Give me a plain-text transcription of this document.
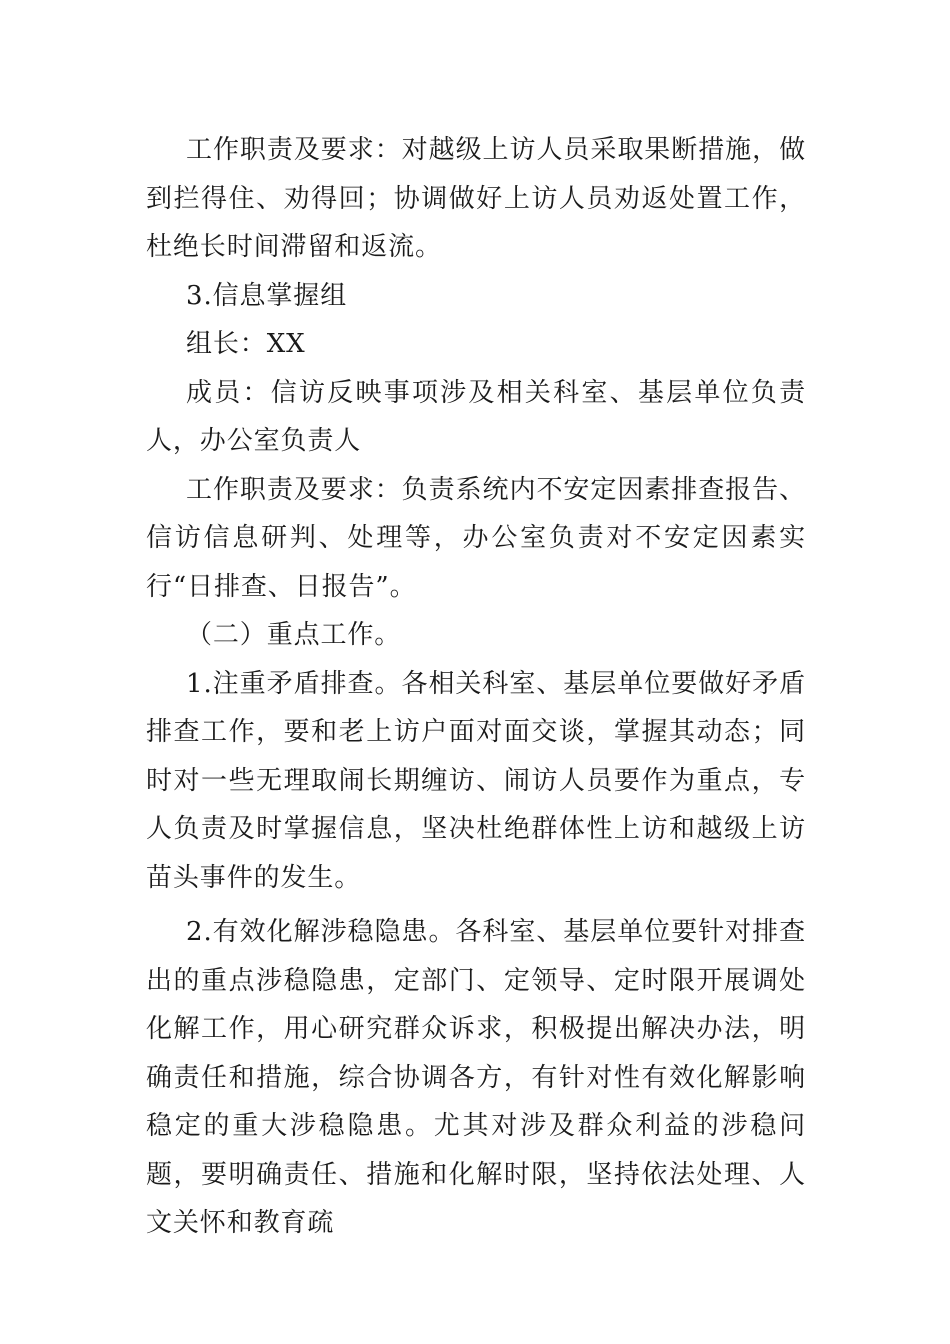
工作职责及要求：对越级上访人员采取果断措施，做到拦得住、劝得回；协调做好上访人员劝返处置工作，杜绝长时间滞留和返流。

3.信息掌握组

组长：XX

成员：信访反映事项涉及相关科室、基层单位负责人，办公室负责人

工作职责及要求：负责系统内不安定因素排查报告、信访信息研判、处理等，办公室负责对不安定因素实行“日排查、日报告”。

（二）重点工作。

1.注重矛盾排查。各相关科室、基层单位要做好矛盾排查工作，要和老上访户面对面交谈，掌握其动态；同时对一些无理取闹长期缠访、闹访人员要作为重点，专人负责及时掌握信息，坚决杜绝群体性上访和越级上访苗头事件的发生。

2.有效化解涉稳隐患。各科室、基层单位要针对排查出的重点涉稳隐患，定部门、定领导、定时限开展调处化解工作，用心研究群众诉求，积极提出解决办法，明确责任和措施，综合协调各方，有针对性有效化解影响稳定的重大涉稳隐患。尤其对涉及群众利益的涉稳问题，要明确责任、措施和化解时限，坚持依法处理、人文关怀和教育疏
